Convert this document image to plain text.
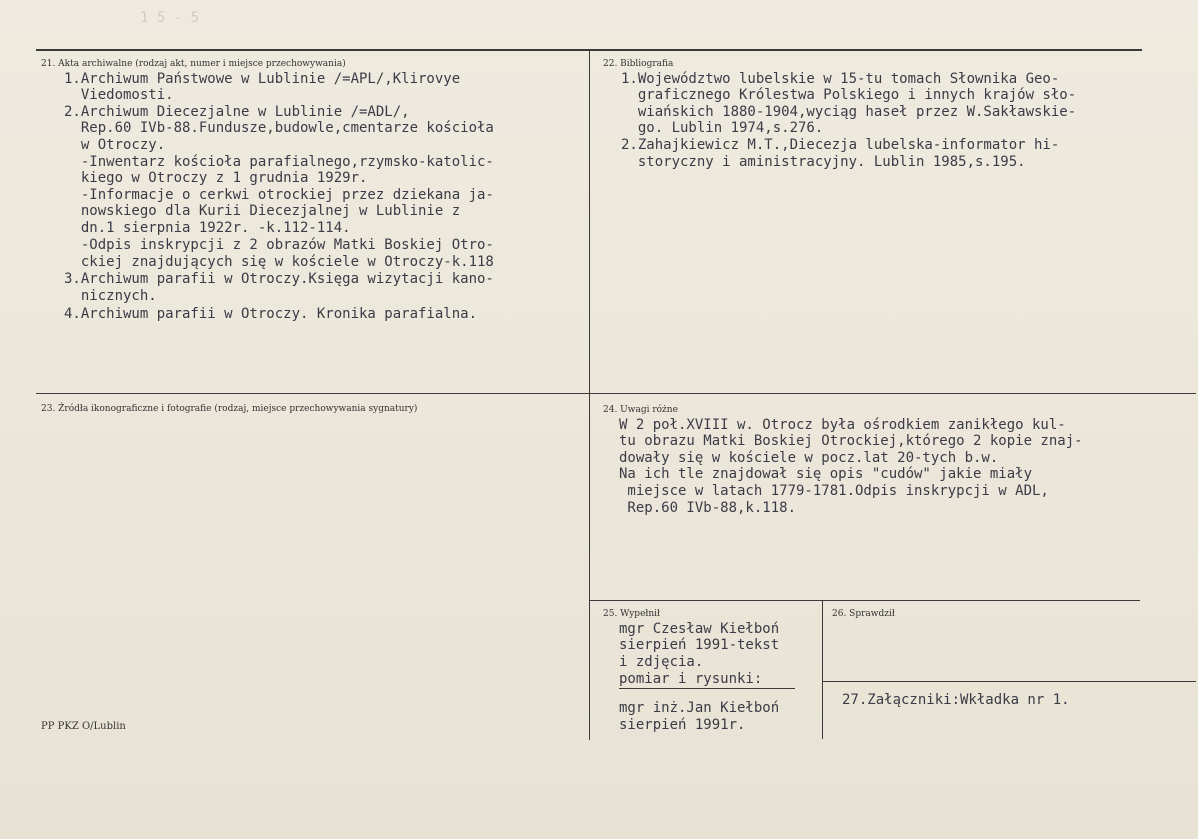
1 5 - 5
21. Akta archiwalne (rodzaj akt, numer i miejsce przechowywania)
1.Archiwum Państwowe w Lublinie /=APL/,Klirovye
Viedomosti.
2.Archiwum Diecezjalne w Lublinie /=ADL/,
Rep.60 IVb-88.Fundusze,budowle,cmentarze kościoła
w Otroczy.
-Inwentarz kościoła parafialnego,rzymsko-katolic-
kiego w Otroczy z 1 grudnia 1929r.
-Informacje o cerkwi otrockiej przez dziekana ja-
nowskiego dla Kurii Diecezjalnej w Lublinie z
dn.1 sierpnia 1922r. -k.112-114.
-Odpis inskrypcji z 2 obrazów Matki Boskiej Otro-
ckiej znajdujących się w kościele w Otroczy-k.118
3.Archiwum parafii w Otroczy.Księga wizytacji kano-
nicznych.
4.Archiwum parafii w Otroczy. Kronika parafialna.
22. Bibliografia
1.Województwo lubelskie w 15-tu tomach Słownika Geo-
graficznego Królestwa Polskiego i innych krajów sło-
wiańskich 1880-1904,wyciąg haseł przez W.Sakławskie-
go. Lublin 1974,s.276.
2.Zahajkiewicz M.T.,Diecezja lubelska-informator hi-
storyczny i aministracyjny. Lublin 1985,s.195.
23. Źródła ikonograficzne i fotografie (rodzaj, miejsce przechowywania sygnatury)	24. Uwagi różne
W 2 poł.XVIII w. Otrocz była ośrodkiem zanikłego kul-
tu obrazu Matki Boskiej Otrockiej,którego 2 kopie znaj-
dowały się w kościele w pocz.lat 20-tych b.w.
Na ich tle znajdował się opis "cudów" jakie miały
miejsce w latach 1779-1781.Odpis inskrypcji w ADL,
Rep.60 IVb-88,k.118.
25. Wypełnił
mgr Czesław Kiełboń
sierpień 1991-tekst
i zdjęcia.
pomiar i rysunki:
mgr inż.Jan Kiełboń
sierpień 1991r.
26. Sprawdził
27.Załączniki:Wkładka nr 1.
PP PKZ O/Lublin
